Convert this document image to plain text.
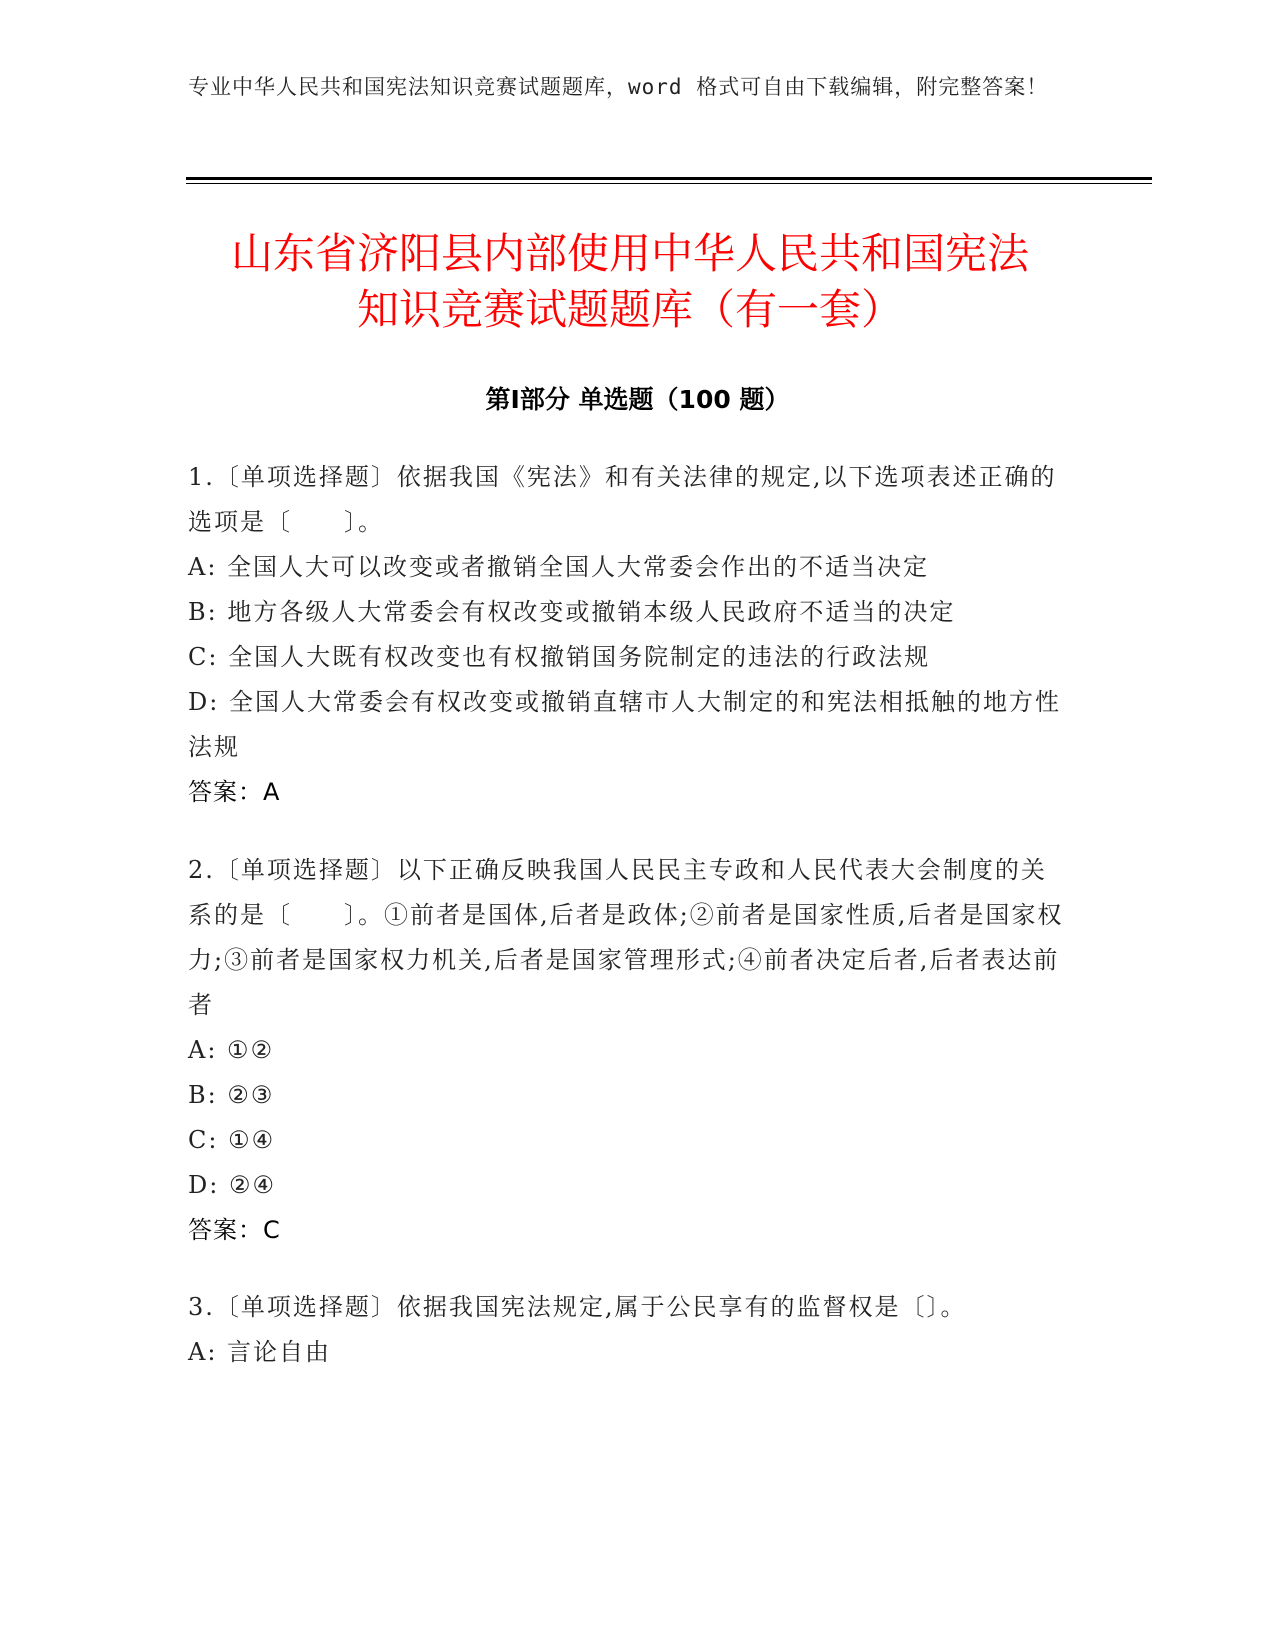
专业中华人民共和国宪法知识竞赛试题题库，word 格式可自由下载编辑，附完整答案！
山东省济阳县内部使用中华人民共和国宪法
知识竞赛试题题库（有一套）
第Ⅰ部分 单选题（100 题）

1.〔单项选择题〕依据我国《宪法》和有关法律的规定,以下选项表述正确的选项是〔　　〕。

A: 全国人大可以改变或者撤销全国人大常委会作出的不适当决定

B: 地方各级人大常委会有权改变或撤销本级人民政府不适当的决定

C: 全国人大既有权改变也有权撤销国务院制定的违法的行政法规

D: 全国人大常委会有权改变或撤销直辖市人大制定的和宪法相抵触的地方性法规

答案：A

2.〔单项选择题〕以下正确反映我国人民民主专政和人民代表大会制度的关系的是〔　　〕。①前者是国体,后者是政体;②前者是国家性质,后者是国家权力;③前者是国家权力机关,后者是国家管理形式;④前者决定后者,后者表达前者

A: ①②

B: ②③

C: ①④

D: ②④

答案：C

3.〔单项选择题〕依据我国宪法规定,属于公民享有的监督权是〔〕。

A: 言论自由
